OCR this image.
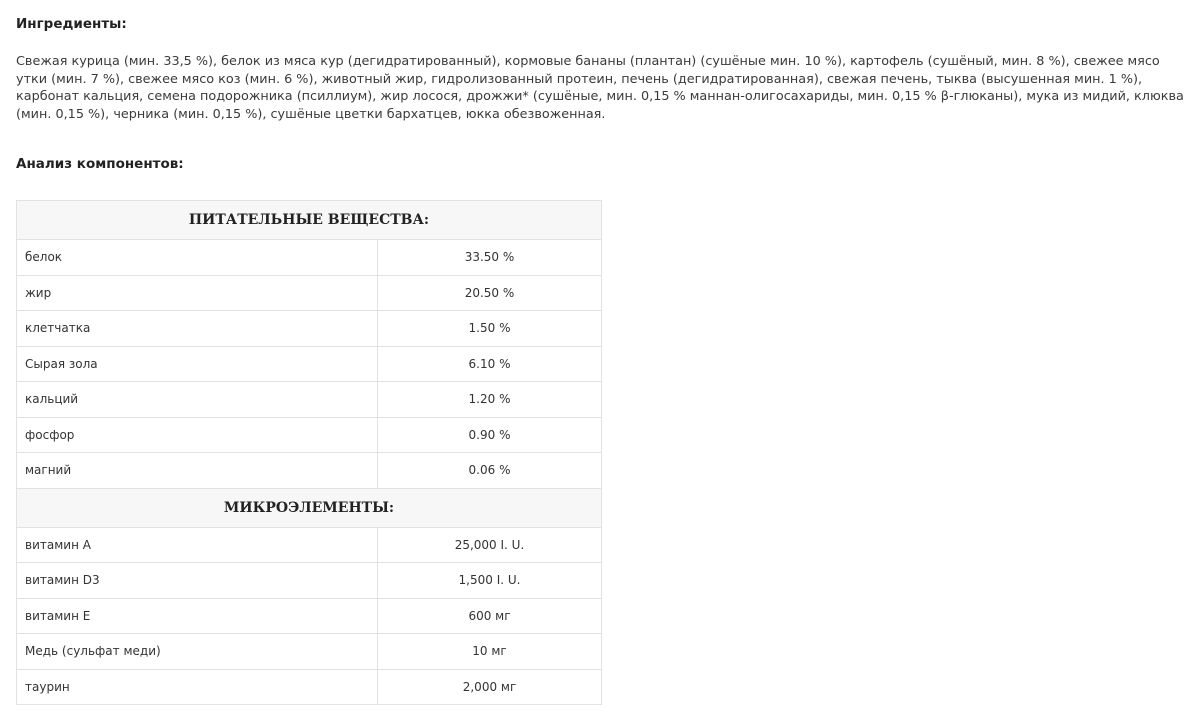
Ингредиенты:

Свежая курица (мин. 33,5 %), белок из мяса кур (дегидратированный), кормовые бананы (плантан) (сушёные мин. 10 %), картофель (сушёный, мин. 8 %), свежее мясо утки (мин. 7 %), свежее мясо коз (мин. 6 %), животный жир, гидролизованный протеин, печень (дегидратированная), свежая печень, тыква (высушенная мин. 1 %), карбонат кальция, семена подорожника (псиллиум), жир лосося, дрожжи* (сушёные, мин. 0,15 % маннан-олигосахариды, мин. 0,15 % β-глюканы), мука из мидий, клюква (мин. 0,15 %), черника (мин. 0,15 %), сушёные цветки бархатцев, юкка обезвоженная.

Анализ компонентов:
ПИТАТЕЛЬНЫЕ ВЕЩЕСТВА:	
белок	33.50 %
жир	20.50 %
клетчатка	1.50 %
Сырая зола	6.10 %
кальций	1.20 %
фосфор	0.90 %
магний	0.06 %
МИКРОЭЛЕМЕНТЫ:	
витамин А	25,000 I. U.
витамин D3	1,500 I. U.
витамин Е	600 мг
Медь (сульфат меди)	10 мг
таурин	2,000 мг
